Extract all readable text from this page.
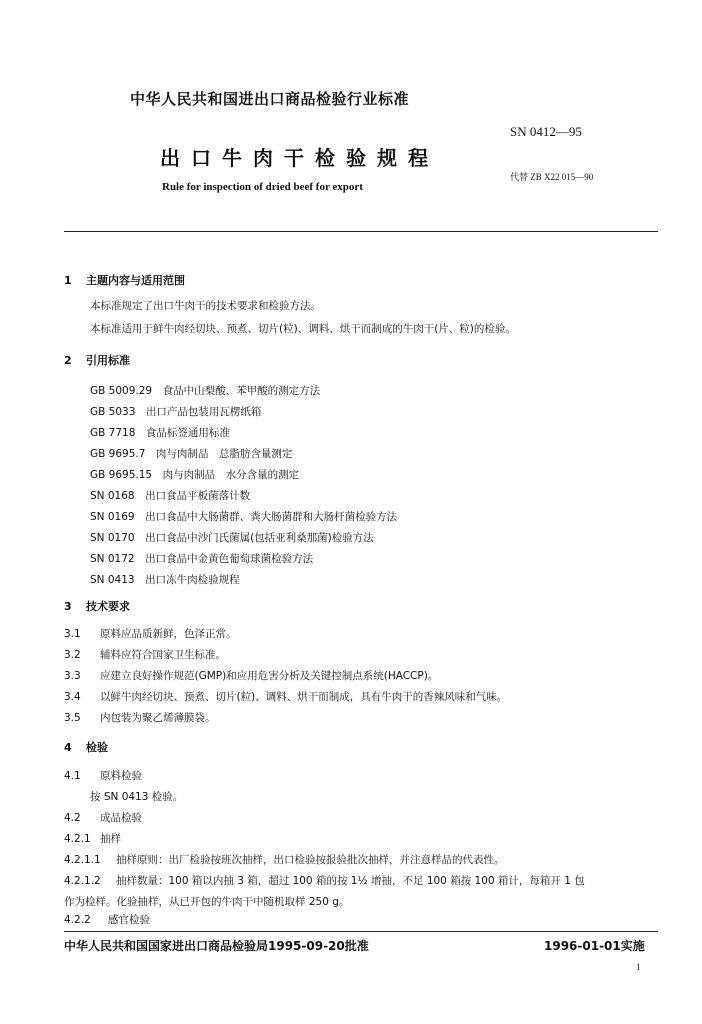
中华人民共和国进出口商品检验行业标准
SN 0412—95
出口牛肉干检验规程
代替 ZB X22 015—90
Rule for inspection of dried beef for export
1 主题内容与适用范围
本标准规定了出口牛肉干的技术要求和检验方法。
本标准适用于鲜牛肉经切块、预煮、切片(粒)、调料、烘干而制成的牛肉干(片、粒)的检验。
2 引用标准
GB 5009.29　食品中山梨酸、苯甲酸的测定方法
GB 5033　出口产品包装用瓦楞纸箱
GB 7718　食品标签通用标准
GB 9695.7　肉与肉制品　总脂肪含量测定
GB 9695.15　肉与肉制品　水分含量的测定
SN 0168　出口食品平板菌落计数
SN 0169　出口食品中大肠菌群、粪大肠菌群和大肠杆菌检验方法
SN 0170　出口食品中沙门氏菌属(包括亚利桑那菌)检验方法
SN 0172　出口食品中金黄色葡萄球菌检验方法
SN 0413　出口冻牛肉检验规程
3 技术要求
3.1 原料应品质新鲜，色泽正常。
3.2 辅料应符合国家卫生标准。
3.3 应建立良好操作规范(GMP)和应用危害分析及关键控制点系统(HACCP)。
3.4 以鲜牛肉经切块、预煮、切片(粒)、调料、烘干而制成，具有牛肉干的香辣风味和气味。
3.5 内包装为聚乙烯薄膜袋。
4 检验
4.1 原料检验
按 SN 0413 检验。
4.2 成品检验
4.2.1 抽样
4.2.1.1 抽样原则：出厂检验按班次抽样，出口检验按报验批次抽样，并注意样品的代表性。
4.2.1.2 抽样数量：100 箱以内抽 3 箱，超过 100 箱的按 1½ 增抽，不足 100 箱按 100 箱计，每箱开 1 包
作为检样。化验抽样，从已开包的牛肉干中随机取样 250 g。
4.2.2 感官检验
中华人民共和国国家进出口商品检验局1995-09-20批准	1996-01-01实施
1
